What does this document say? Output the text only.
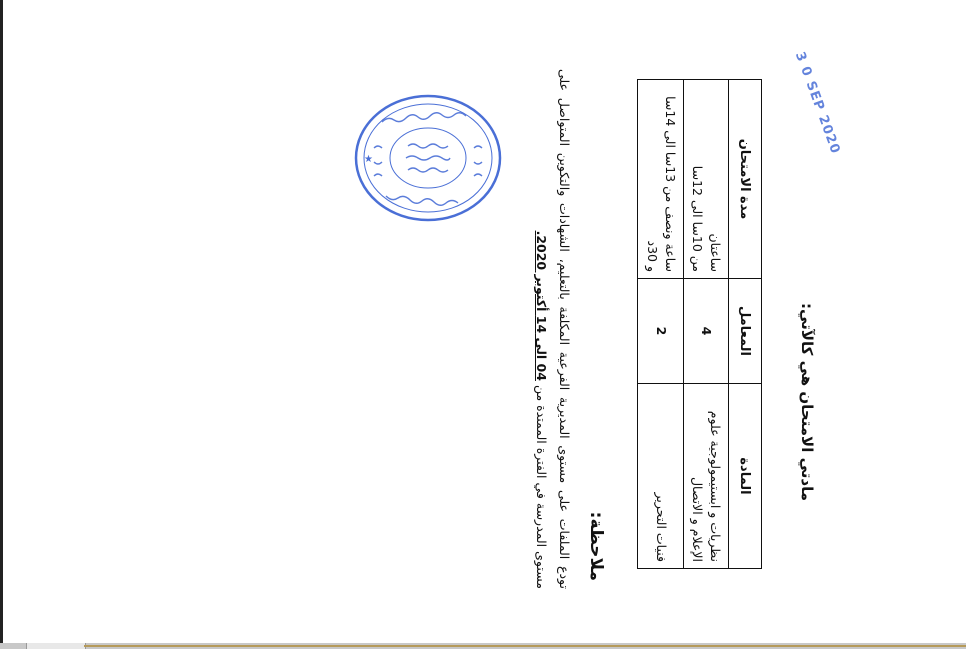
مادتي الامتحان هي كالآتي:
المادة	المعامل	مدة الامتحان
نظريات و ابستيمولوجية علوم الإعلام و الاتصال	4	ساعتان
من 10سا الى 12سا

فنيات التحرير	2	ساعة ونصف من 13سا الى 14سا
و 30د
ملاحظة:
تودع الملفات على مستوى المديرية الفرعية المكلفة بالتعليم، الشهادات والتكوين المتواصل على مستوى المدرسة في الفترة الممتدة من 04 الى 14 أكتوبر 2020.
3 0 SEP 2020
★
